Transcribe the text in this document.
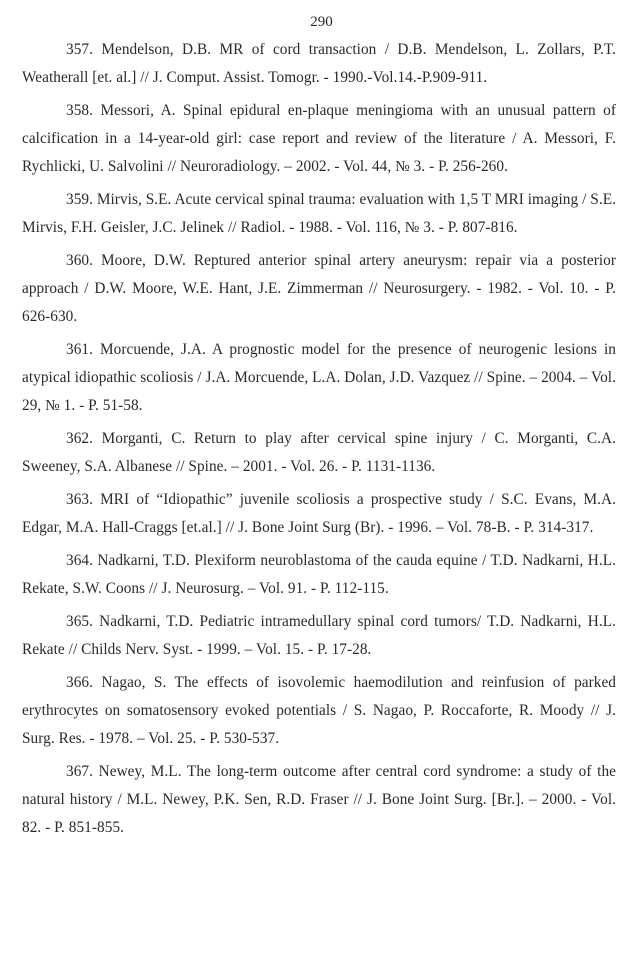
290
357. Mendelson, D.B. MR of cord transaction / D.B. Mendelson, L. Zollars, P.T. Weatherall [et. al.] // J. Comput. Assist. Tomogr. - 1990.-Vol.14.-P.909-911.
358. Messori, A. Spinal epidural en-plaque meningioma with an unusual pattern of calcification in a 14-year-old girl: case report and review of the literature / A. Messori, F. Rychlicki, U. Salvolini // Neuroradiology. – 2002. - Vol. 44, № 3. - P. 256-260.
359. Mirvis, S.E. Acute cervical spinal trauma: evaluation with 1,5 T MRI imaging / S.E. Mirvis, F.H. Geisler, J.C. Jelinek // Radiol. - 1988. - Vol. 116, № 3. - P. 807-816.
360. Moore, D.W. Reptured anterior spinal artery aneurysm: repair via a posterior approach / D.W. Moore, W.E. Hant, J.E. Zimmerman // Neurosurgery. - 1982. - Vol. 10. - P. 626-630.
361. Morcuende, J.A. A prognostic model for the presence of neurogenic lesions in atypical idiopathic scoliosis / J.A. Morcuende, L.A. Dolan, J.D. Vazquez // Spine. – 2004. – Vol. 29, № 1. - P. 51-58.
362. Morganti, C. Return to play after cervical spine injury / C. Morganti, C.A. Sweeney, S.A. Albanese // Spine. – 2001. - Vol. 26. - P. 1131-1136.
363. MRI of “Idiopathic” juvenile scoliosis a prospective study / S.C. Evans, M.A. Edgar, M.A. Hall-Craggs [et.al.] // J. Bone Joint Surg (Br). - 1996. – Vol. 78-B. - P. 314-317.
364. Nadkarni, T.D. Plexiform neuroblastoma of the cauda equine / T.D. Nadkarni, H.L. Rekate, S.W. Coons // J. Neurosurg. – Vol. 91. - P. 112-115.
365. Nadkarni, T.D. Pediatric intramedullary spinal cord tumors/ T.D. Nadkarni, H.L. Rekate // Childs Nerv. Syst. - 1999. – Vol. 15. - P. 17-28.
366. Nagao, S. The effects of isovolemic haemodilution and reinfusion of parked erythrocytes on somatosensory evoked potentials / S. Nagao, P. Roccaforte, R. Moody // J. Surg. Res. - 1978. – Vol. 25. - P. 530-537.
367. Newey, M.L. The long-term outcome after central cord syndrome: a study of the natural history / M.L. Newey, P.K. Sen, R.D. Fraser // J. Bone Joint Surg. [Br.]. – 2000. - Vol. 82. - P. 851-855.
